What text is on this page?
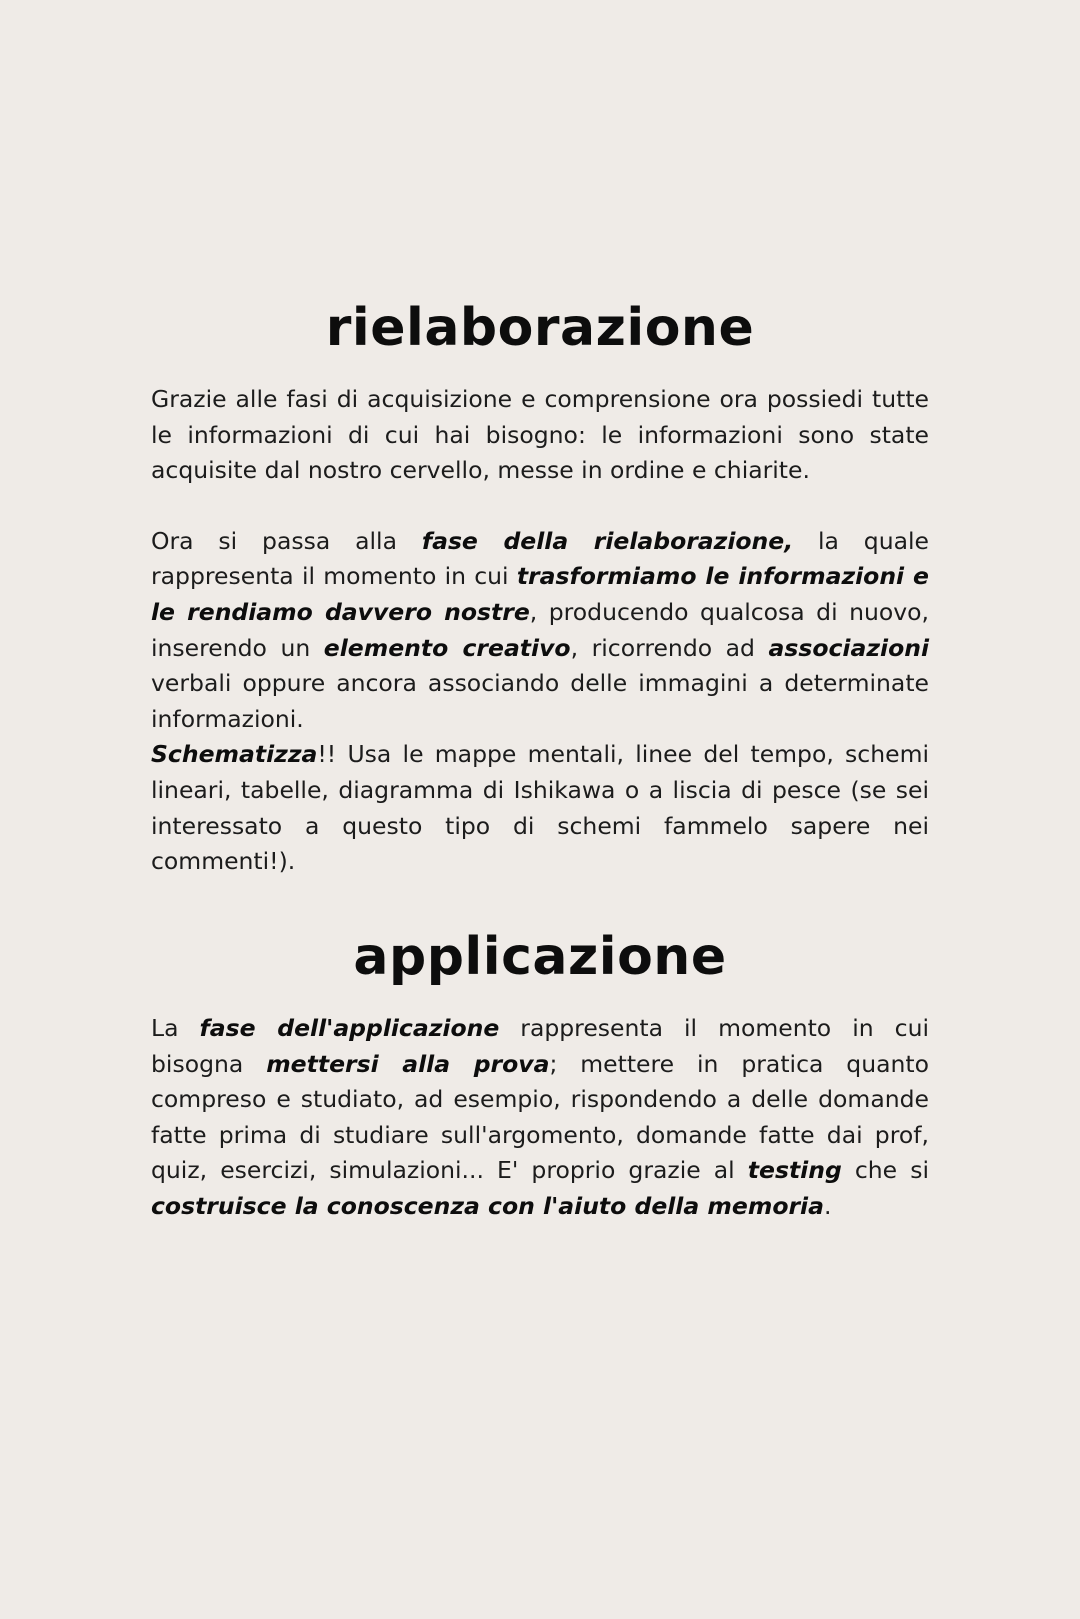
rielaborazione

Grazie alle fasi di acquisizione e comprensione ora possiedi tutte le informazioni di cui hai bisogno: le informazioni sono state acquisite dal nostro cervello, messe in ordine e chiarite.

Ora si passa alla fase della rielaborazione, la quale rappresenta il momento in cui trasformiamo le informazioni e le rendiamo davvero nostre, producendo qualcosa di nuovo, inserendo un elemento creativo, ricorrendo ad associazioni verbali oppure ancora associando delle immagini a determinate informazioni.

Schematizza!! Usa le mappe mentali, linee del tempo, schemi lineari, tabelle, diagramma di Ishikawa o a liscia di pesce (se sei interessato a questo tipo di schemi fammelo sapere nei commenti!).

applicazione

La fase dell'applicazione rappresenta il momento in cui bisogna mettersi alla prova; mettere in pratica quanto compreso e studiato, ad esempio, rispondendo a delle domande fatte prima di studiare sull'argomento, domande fatte dai prof, quiz, esercizi, simulazioni... E' proprio grazie al testing che si costruisce la conoscenza con l'aiuto della memoria.
